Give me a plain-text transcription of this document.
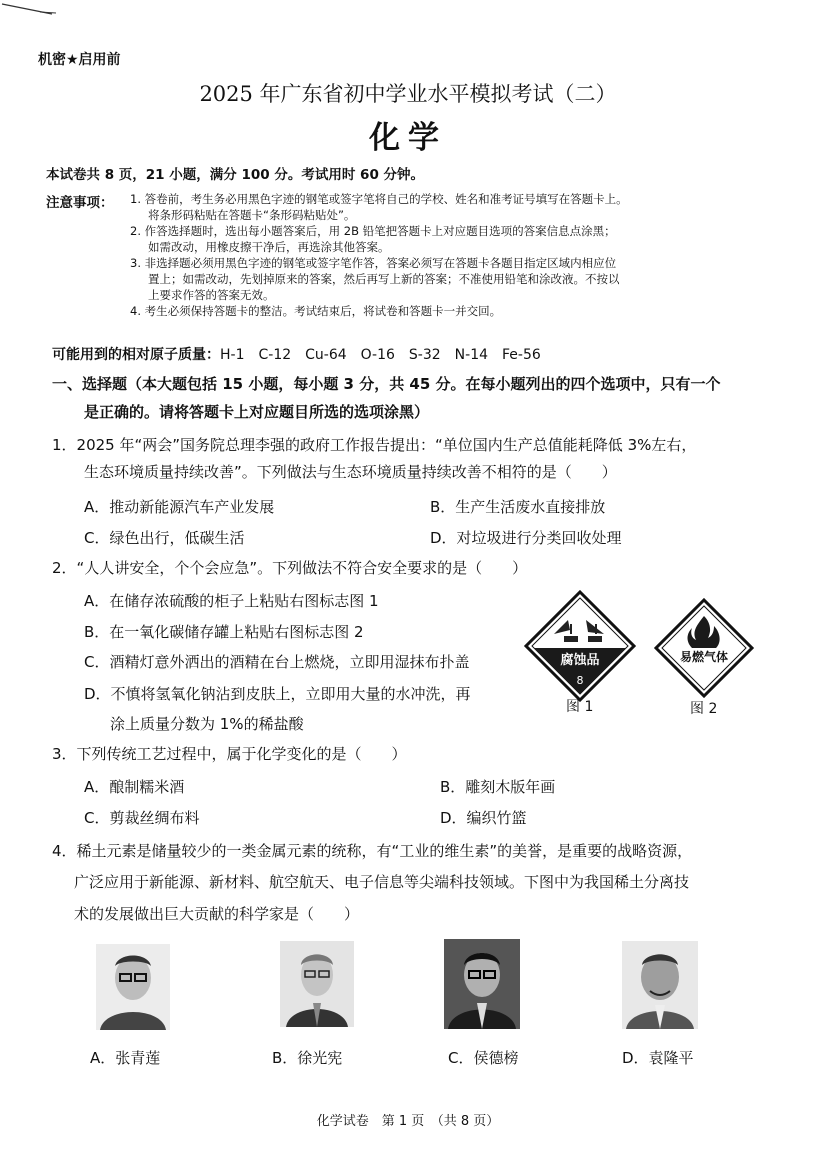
机密★启用前
2025 年广东省初中学业水平模拟考试（二）
化学
本试卷共 8 页，21 小题，满分 100 分。考试用时 60 分钟。
注意事项： 1. 答卷前，考生务必用黑色字迹的钢笔或签字笔将自己的学校、姓名和准考证号填写在答题卡上。
将条形码粘贴在答题卡“条形码粘贴处”。
2. 作答选择题时，选出每小题答案后，用 2B 铅笔把答题卡上对应题目选项的答案信息点涂黑；
如需改动，用橡皮擦干净后，再选涂其他答案。
3. 非选择题必须用黑色字迹的钢笔或签字笔作答，答案必须写在答题卡各题目指定区域内相应位
置上；如需改动，先划掉原来的答案，然后再写上新的答案；不准使用铅笔和涂改液。不按以
上要求作答的答案无效。
4. 考生必须保持答题卡的整洁。考试结束后，将试卷和答题卡一并交回。
可能用到的相对原子质量：H-1　C-12　Cu-64　O-16　S-32　N-14　Fe-56
一、选择题（本大题包括 15 小题，每小题 3 分，共 45 分。在每小题列出的四个选项中，只有一个
是正确的。请将答题卡上对应题目所选的选项涂黑）
1．2025 年“两会”国务院总理李强的政府工作报告提出：“单位国内生产总值能耗降低 3%左右，
生态环境质量持续改善”。下列做法与生态环境质量持续改善不相符的是（　　）
A．推动新能源汽车产业发展	B．生产生活废水直接排放
C．绿色出行，低碳生活	D．对垃圾进行分类回收处理
2．“人人讲安全，个个会应急”。下列做法不符合安全要求的是（　　）
A．在储存浓硫酸的柜子上粘贴右图标志图 1
B．在一氧化碳储存罐上粘贴右图标志图 2
C．酒精灯意外洒出的酒精在台上燃烧，立即用湿抹布扑盖
D．不慎将氢氧化钠沾到皮肤上，立即用大量的水冲洗，再
涂上质量分数为 1%的稀盐酸
腐蚀品
8
易燃气体
图 1	图 2
3．下列传统工艺过程中，属于化学变化的是（　　）
A．酿制糯米酒	B．雕刻木版年画
C．剪裁丝绸布料	D．编织竹篮
4．稀土元素是储量较少的一类金属元素的统称，有“工业的维生素”的美誉，是重要的战略资源，
广泛应用于新能源、新材料、航空航天、电子信息等尖端科技领域。下图中为我国稀土分离技
术的发展做出巨大贡献的科学家是（　　）
A．张青莲	B．徐光宪	C．侯德榜	D．袁隆平
化学试卷　第 1 页　（共 8 页）
